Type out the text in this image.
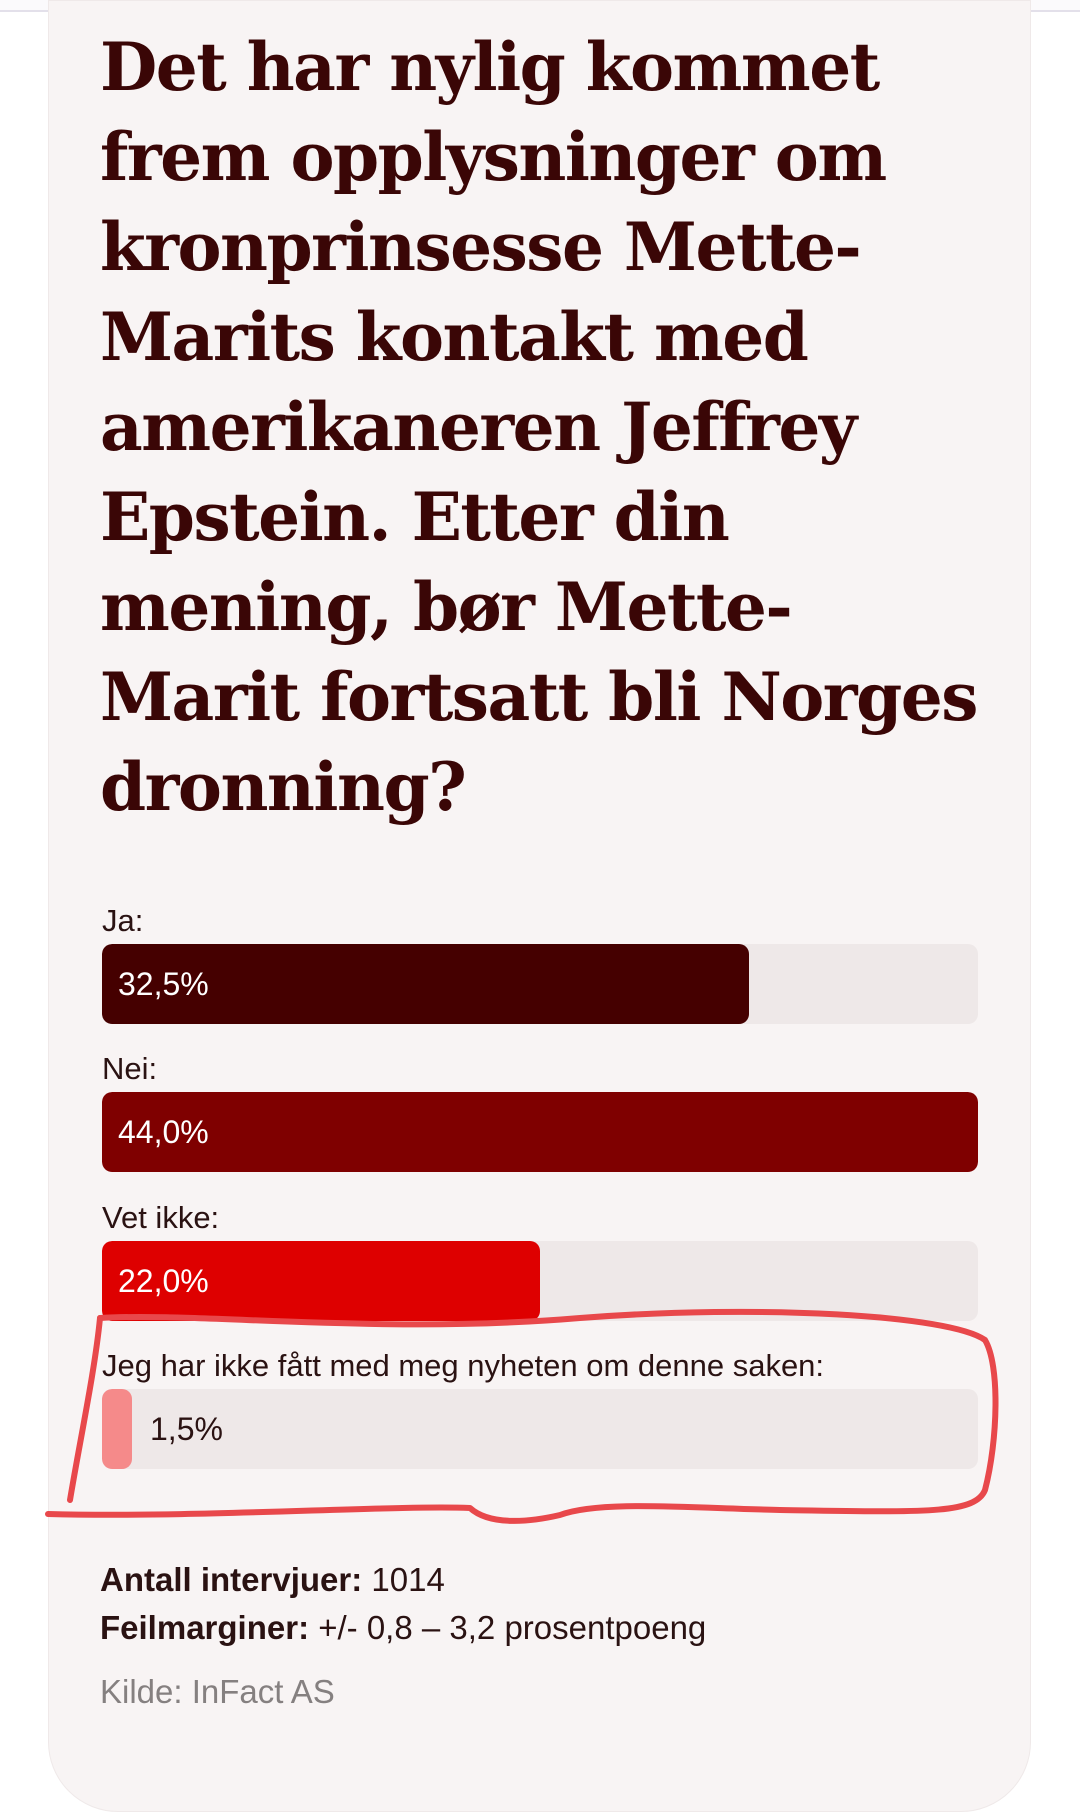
Det har nylig kommet frem opplysninger om kronprinsesse Mette-Marits kontakt med amerikaneren Jeffrey Epstein. Etter din mening, bør Mette-Marit fortsatt bli Norges dronning?
Ja:
32,5%
Nei:
44,0%
Vet ikke:
22,0%
Jeg har ikke fått med meg nyheten om denne saken:
1,5%
Antall intervjuer: 1014
Feilmarginer: +/- 0,8 – 3,2 prosentpoeng
Kilde: InFact AS
